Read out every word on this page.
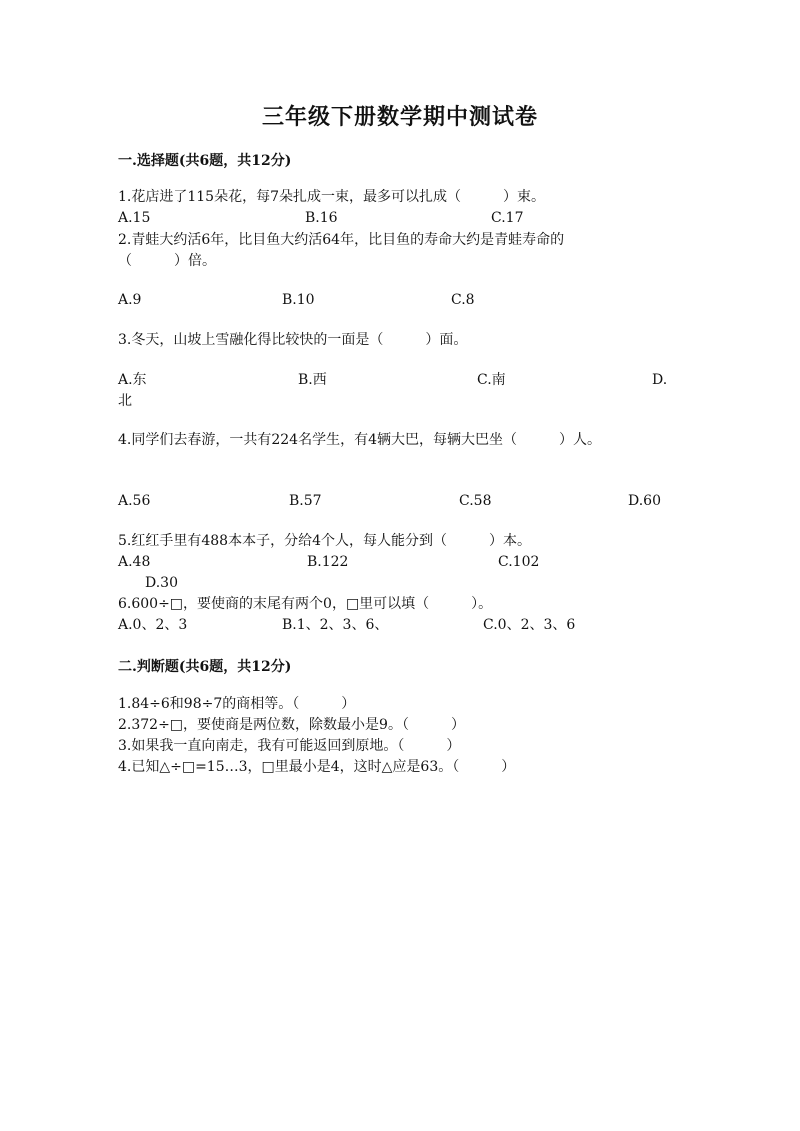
三年级下册数学期中测试卷
一.选择题(共6题，共12分)
1.花店进了115朵花，每7朵扎成一束，最多可以扎成（　　　）束。
A.15	B.16	C.17
2.青蛙大约活6年，比目鱼大约活64年，比目鱼的寿命大约是青蛙寿命的
（　　　）倍。
A.9	B.10	C.8
3.冬天，山坡上雪融化得比较快的一面是（　　　）面。
A.东	B.西	C.南	D.
北
4.同学们去春游，一共有224名学生，有4辆大巴，每辆大巴坐（　　　）人。
A.56	B.57	C.58	D.60
5.红红手里有488本本子，分给4个人，每人能分到（　　　）本。
A.48	B.122	C.102
D.30
6.600÷□，要使商的末尾有两个0，□里可以填（　　　）。
A.0、2、3	B.1、2、3、6、	C.0、2、3、6
二.判断题(共6题，共12分)
1.84÷6和98÷7的商相等。（　　　）
2.372÷□，要使商是两位数，除数最小是9。（　　　）
3.如果我一直向南走，我有可能返回到原地。（　　　）
4.已知△÷□=15…3，□里最小是4，这时△应是63。（　　　）
